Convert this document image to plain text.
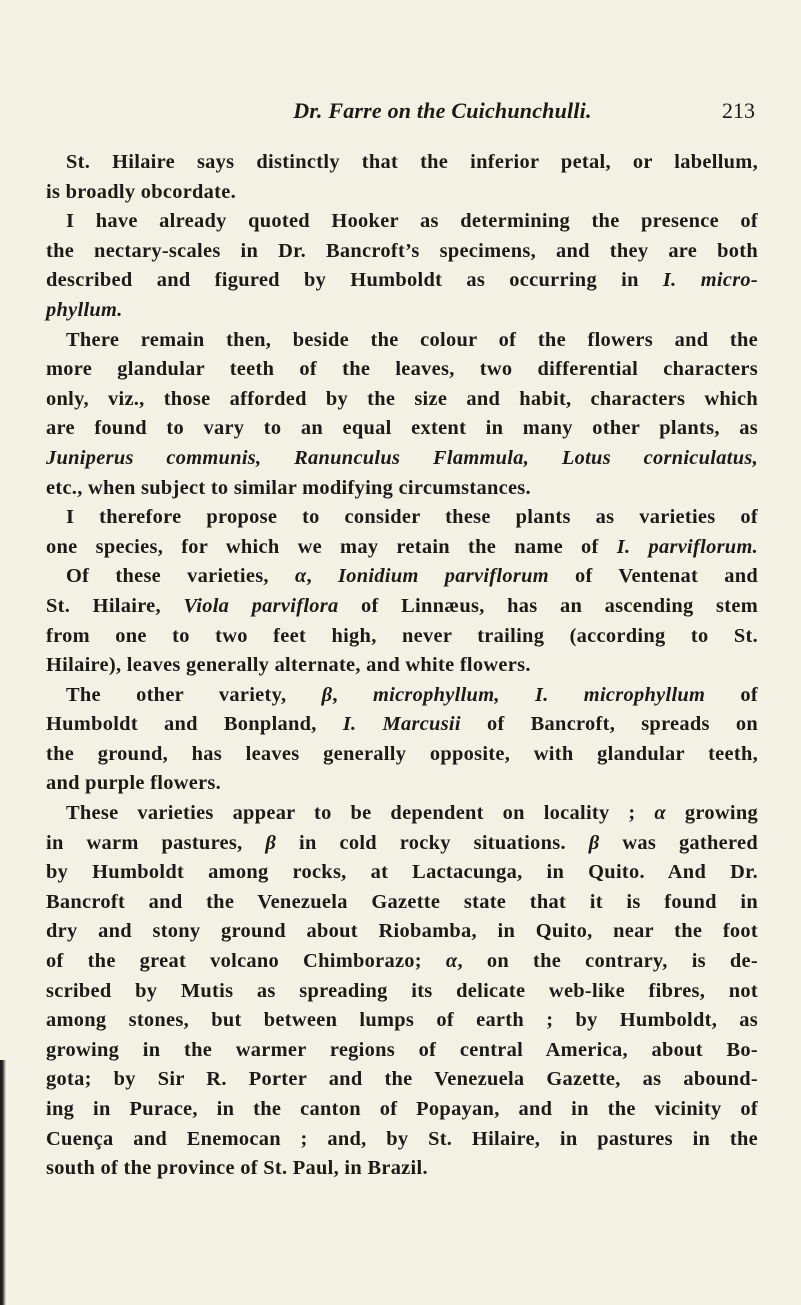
Dr. Farre on the Cuichunchulli.	213
St. Hilaire says distinctly that the inferior petal, or labellum,
is broadly obcordate.
I have already quoted Hooker as determining the presence of
the nectary-scales in Dr. Bancroft’s specimens, and they are both
described and figured by Humboldt as occurring in I. micro-
phyllum.
There remain then, beside the colour of the flowers and the
more glandular teeth of the leaves, two differential characters
only, viz., those afforded by the size and habit, characters which
are found to vary to an equal extent in many other plants, as
Juniperus communis, Ranunculus Flammula, Lotus corniculatus,
etc., when subject to similar modifying circumstances.
I therefore propose to consider these plants as varieties of
one species, for which we may retain the name of I. parviflorum.
Of these varieties, α, Ionidium parviflorum of Ventenat and
St. Hilaire, Viola parviflora of Linnæus, has an ascending stem
from one to two feet high, never trailing (according to St.
Hilaire), leaves generally alternate, and white flowers.
The other variety, β, microphyllum, I. microphyllum of
Humboldt and Bonpland, I. Marcusii of Bancroft, spreads on
the ground, has leaves generally opposite, with glandular teeth,
and purple flowers.
These varieties appear to be dependent on locality ; α growing
in warm pastures, β in cold rocky situations. β was gathered
by Humboldt among rocks, at Lactacunga, in Quito. And Dr.
Bancroft and the Venezuela Gazette state that it is found in
dry and stony ground about Riobamba, in Quito, near the foot
of the great volcano Chimborazo; α, on the contrary, is de-
scribed by Mutis as spreading its delicate web-like fibres, not
among stones, but between lumps of earth ; by Humboldt, as
growing in the warmer regions of central America, about Bo-
gota; by Sir R. Porter and the Venezuela Gazette, as abound-
ing in Purace, in the canton of Popayan, and in the vicinity of
Cuença and Enemocan ; and, by St. Hilaire, in pastures in the
south of the province of St. Paul, in Brazil.
